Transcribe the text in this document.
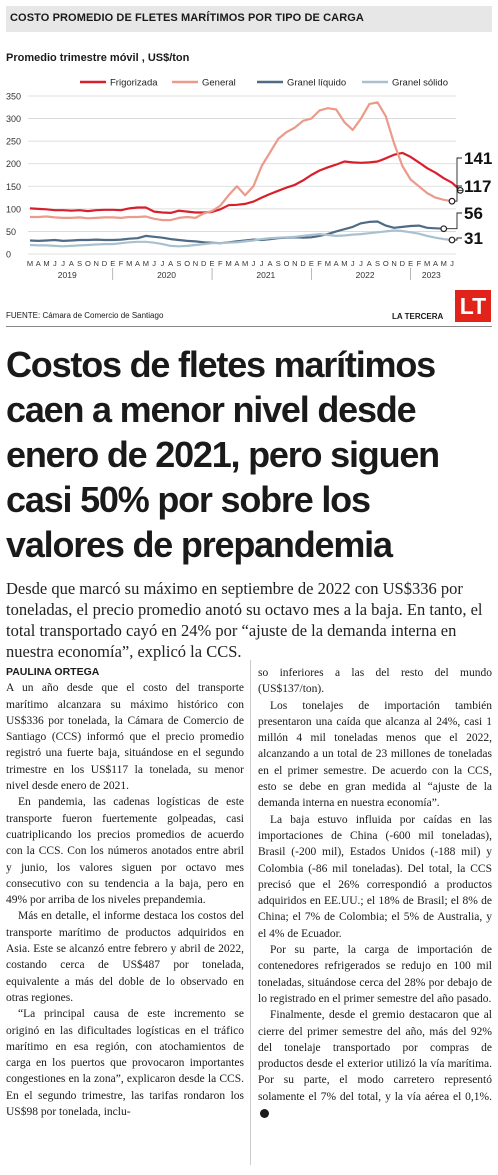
COSTO PROMEDIO DE FLETES MARÍTIMOS POR TIPO DE CARGA
Promedio trimestre móvil , US$/ton
0
50
100
150
200
250
300
350
Frigorizada	General	Granel líquido	Granel sólido
141
117
56
31
M A M J J A S O N D E F M A M J J A S O N D E F M A M J J A S O N D E F M A M J J A S O N D E F M A M J
2019	2020	2021	2022	2023
FUENTE: Cámara de Comercio de Santiago	LA TERCERA LT
Costos de fletes marítimos caen a menor nivel desde enero de 2021, pero siguen casi 50% por sobre los valores de prepandemia
Desde que marcó su máximo en septiembre de 2022 con US$336 por toneladas, el precio promedio anotó su octavo mes a la baja. En tanto, el total transportado cayó en 24% por “ajuste de la demanda interna en nuestra economía”, explicó la CCS.

PAULINA ORTEGA

A un año desde que el costo del transporte marítimo alcanzara su máximo histórico con US$336 por tonelada, la Cámara de Comercio de Santiago (CCS) informó que el precio promedio registró una fuerte baja, situándose en el segundo trimestre en los US$117 la tonelada, su menor nivel desde enero de 2021.

En pandemia, las cadenas logísticas de este transporte fueron fuertemente golpeadas, casi cuatriplicando los precios promedios de acuerdo con la CCS. Con los números anotados entre abril y junio, los valores siguen por octavo mes consecutivo con su tendencia a la baja, pero en 49% por arriba de los niveles prepandemia.

Más en detalle, el informe destaca los costos del transporte marítimo de productos adquiridos en Asia. Este se alcanzó entre febrero y abril de 2022, costando cerca de US$487 por tonelada, equivalente a más del doble de lo observado en otras regiones.

“La principal causa de este incremento se originó en las dificultades logísticas en el tráfico marítimo en esa región, con atochamientos de carga en los puertos que provocaron importantes congestiones en la zona”, explicaron desde la CCS. En el segundo trimestre, las tarifas rondaron los US$98 por tonelada, inclu-

so inferiores a las del resto del mundo (US$137/ton).

Los tonelajes de importación también presentaron una caída que alcanza al 24%, casi 1 millón 4 mil toneladas menos que el 2022, alcanzando a un total de 23 millones de toneladas en el primer semestre. De acuerdo con la CCS, esto se debe en gran medida al “ajuste de la demanda interna en nuestra economía”.

La baja estuvo influida por caídas en las importaciones de China (-600 mil toneladas), Brasil (-200 mil), Estados Unidos (-188 mil) y Colombia (-86 mil toneladas). Del total, la CCS precisó que el 26% correspondió a productos adquiridos en EE.UU.; el 18% de Brasil; el 8% de China; el 7% de Colombia; el 5% de Australia, y el 4% de Ecuador.

Por su parte, la carga de importación de contenedores refrigerados se redujo en 100 mil toneladas, situándose cerca del 28% por debajo de lo registrado en el primer semestre del año pasado.

Finalmente, desde el gremio destacaron que al cierre del primer semestre del año, más del 92% del tonelaje transportado por compras de productos desde el exterior utilizó la vía marítima. Por su parte, el modo carretero representó solamente el 7% del total, y la vía aérea el 0,1%.P
